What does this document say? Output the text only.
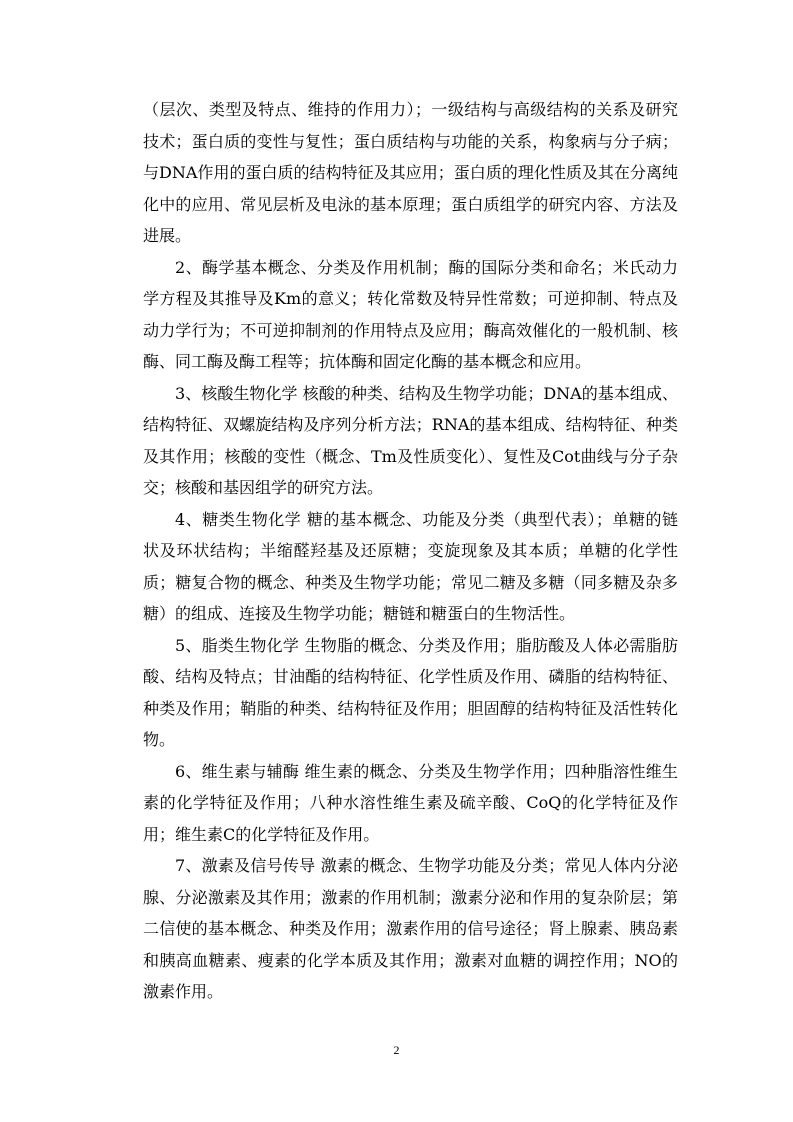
（层次、类型及特点、维持的作用力）；一级结构与高级结构的关系及研究技术；蛋白质的变性与复性；蛋白质结构与功能的关系，构象病与分子病；与DNA作用的蛋白质的结构特征及其应用；蛋白质的理化性质及其在分离纯化中的应用、常见层析及电泳的基本原理；蛋白质组学的研究内容、方法及进展。

2、酶学基本概念、分类及作用机制；酶的国际分类和命名；米氏动力学方程及其推导及Km的意义；转化常数及特异性常数；可逆抑制、特点及动力学行为；不可逆抑制剂的作用特点及应用；酶高效催化的一般机制、核酶、同工酶及酶工程等；抗体酶和固定化酶的基本概念和应用。

3、核酸生物化学 核酸的种类、结构及生物学功能；DNA的基本组成、结构特征、双螺旋结构及序列分析方法；RNA的基本组成、结构特征、种类及其作用；核酸的变性（概念、Tm及性质变化）、复性及Cot曲线与分子杂交；核酸和基因组学的研究方法。

4、糖类生物化学 糖的基本概念、功能及分类（典型代表）；单糖的链状及环状结构；半缩醛羟基及还原糖；变旋现象及其本质；单糖的化学性质；糖复合物的概念、种类及生物学功能；常见二糖及多糖（同多糖及杂多糖）的组成、连接及生物学功能；糖链和糖蛋白的生物活性。

5、脂类生物化学 生物脂的概念、分类及作用；脂肪酸及人体必需脂肪酸、结构及特点；甘油酯的结构特征、化学性质及作用、磷脂的结构特征、种类及作用；鞘脂的种类、结构特征及作用；胆固醇的结构特征及活性转化物。

6、维生素与辅酶 维生素的概念、分类及生物学作用；四种脂溶性维生素的化学特征及作用；八种水溶性维生素及硫辛酸、CoQ的化学特征及作用；维生素C的化学特征及作用。

7、激素及信号传导 激素的概念、生物学功能及分类；常见人体内分泌腺、分泌激素及其作用；激素的作用机制；激素分泌和作用的复杂阶层；第二信使的基本概念、种类及作用；激素作用的信号途径；肾上腺素、胰岛素和胰高血糖素、瘦素的化学本质及其作用；激素对血糖的调控作用；NO的激素作用。

2
